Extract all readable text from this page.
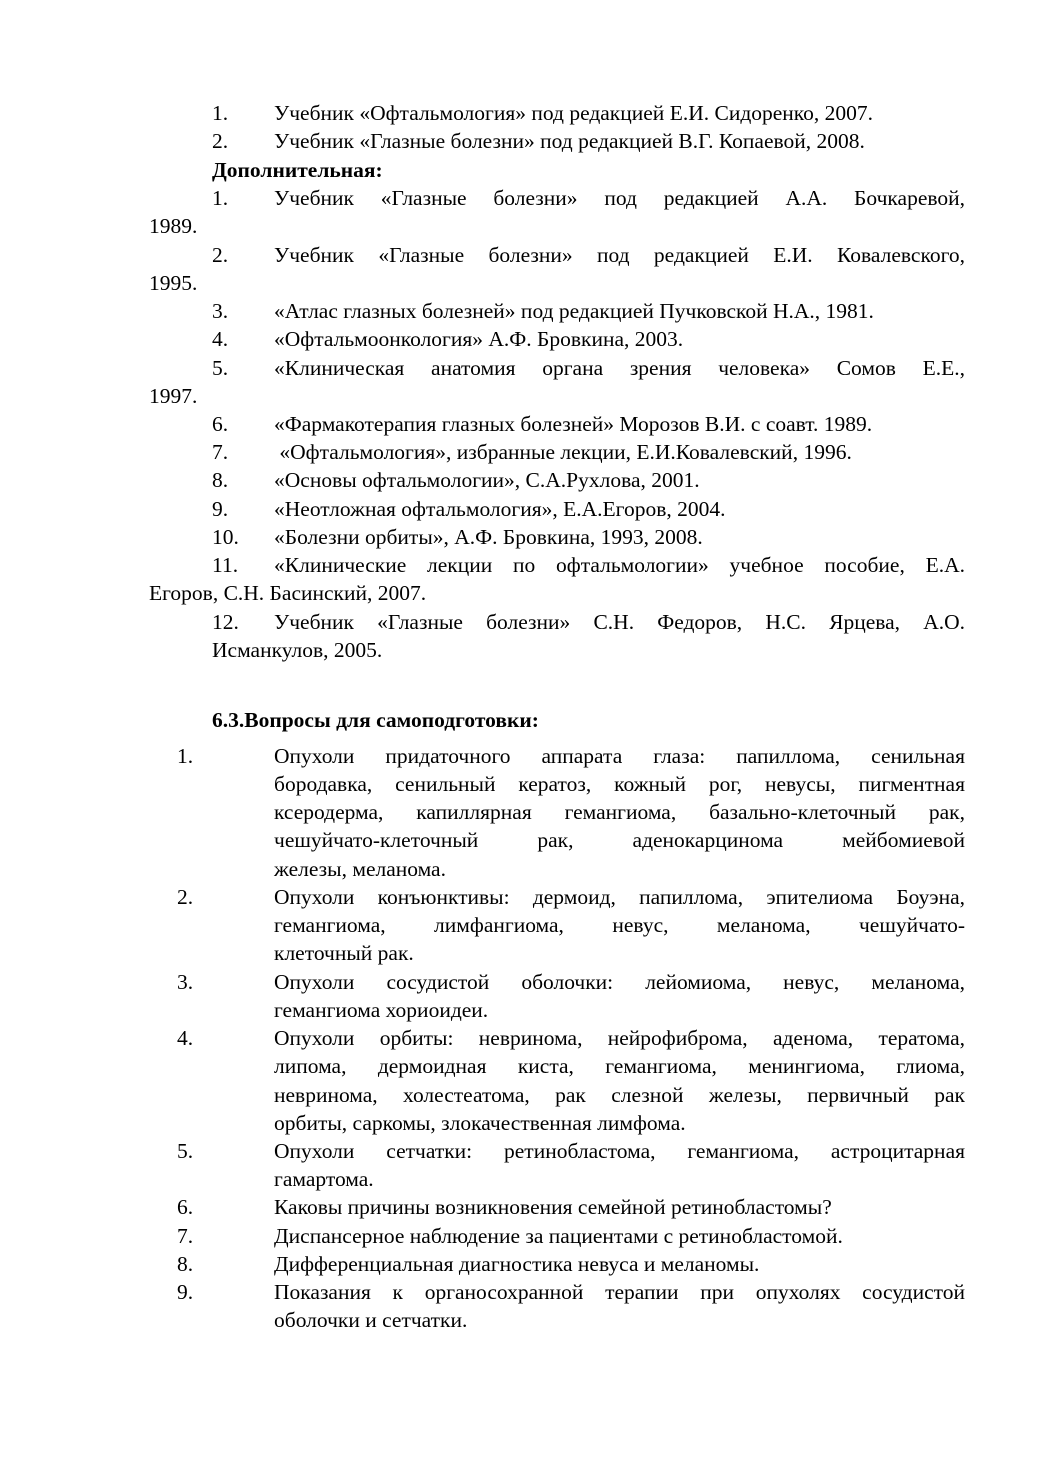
1. Учебник «Офтальмология» под редакцией Е.И. Сидоренко, 2007.
2. Учебник «Глазные болезни» под редакцией В.Г. Копаевой, 2008.
Дополнительная:
1. Учебник «Глазные болезни» под редакцией А.А. Бочкаревой,
1989.
2. Учебник «Глазные болезни» под редакцией Е.И. Ковалевского,
1995.
3. «Атлас глазных болезней» под редакцией Пучковской Н.А., 1981.
4. «Офтальмоонкология» А.Ф. Бровкина, 2003.
5. «Клиническая анатомия органа зрения человека» Сомов Е.Е.,
1997.
6. «Фармакотерапия глазных болезней» Морозов В.И. с соавт. 1989.
7. «Офтальмология», избранные лекции, Е.И.Ковалевский, 1996.
8. «Основы офтальмологии», С.А.Рухлова, 2001.
9. «Неотложная офтальмология», Е.А.Егоров, 2004.
10. «Болезни орбиты», А.Ф. Бровкина, 1993, 2008.
11. «Клинические лекции по офтальмологии» учебное пособие, Е.А.
Егоров, С.Н. Басинский, 2007.
12. Учебник «Глазные болезни» С.Н. Федоров, Н.С. Ярцева, А.О.
Исманкулов, 2005.
6.3.Вопросы для самоподготовки:
1.	Опухоли придаточного аппарата глаза: папиллома, сенильная
бородавка, сенильный кератоз, кожный рог, невусы, пигментная
ксеродерма, капиллярная гемангиома, базально-клеточный рак,
чешуйчато-клеточный рак, аденокарцинома мейбомиевой
железы, меланома.
2.	Опухоли конъюнктивы: дермоид, папиллома, эпителиома Боуэна,
гемангиома, лимфангиома, невус, меланома, чешуйчато-
клеточный рак.
3.	Опухоли сосудистой оболочки: лейомиома, невус, меланома,
гемангиома хориоидеи.
4.	Опухоли орбиты: невринома, нейрофиброма, аденома, тератома,
липома, дермоидная киста, гемангиома, менингиома, глиома,
невринома, холестеатома, рак слезной железы, первичный рак
орбиты, саркомы, злокачественная лимфома.
5.	Опухоли сетчатки: ретинобластома, гемангиома, астроцитарная
гамартома.
6.	Каковы причины возникновения семейной ретинобластомы?
7.	Диспансерное наблюдение за пациентами с ретинобластомой.
8.	Дифференциальная диагностика невуса и меланомы.
9.	Показания к органосохранной терапии при опухолях сосудистой
оболочки и сетчатки.
